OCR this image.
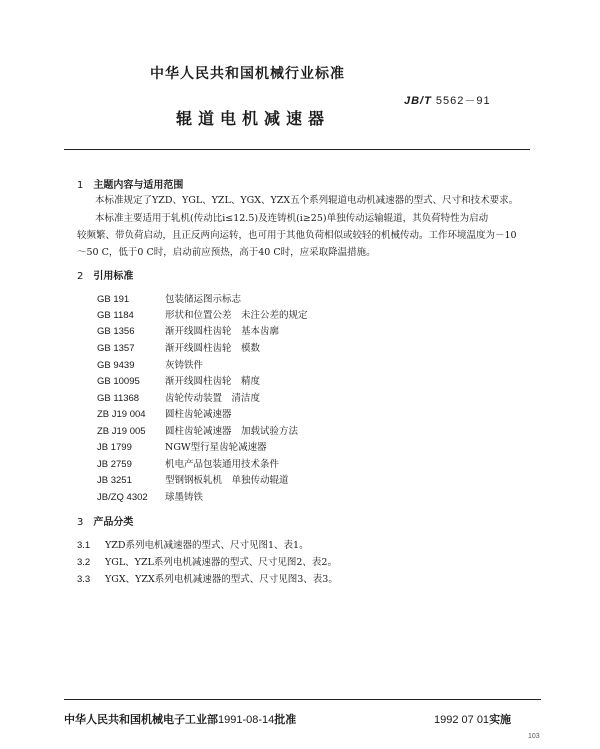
中华人民共和国机械行业标准
JB/T 5562－91
辊道电机减速器
1 主题内容与适用范围
本标准规定了YZD、YGL、YZL、YGX、YZX五个系列辊道电动机减速器的型式、尺寸和技术要求。
本标准主要适用于轧机(传动比i≤12.5)及连铸机(i≥25)单独传动运输辊道，其负荷特性为启动
较频繁、带负荷启动，且正反两向运转，也可用于其他负荷相似或较轻的机械传动。工作环境温度为－10
～50 C，低于0 C时，启动前应预热，高于40 C时，应采取降温措施。
2 引用标准
GB 191	包装储运图示标志
GB 1184	形状和位置公差　未注公差的规定
GB 1356	渐开线圆柱齿轮　基本齿廓
GB 1357	渐开线圆柱齿轮　模数
GB 9439	灰铸铁件
GB 10095	渐开线圆柱齿轮　精度
GB 11368	齿轮传动装置　清洁度
ZB J19 004 圆柱齿轮减速器
ZB J19 005 圆柱齿轮减速器　加载试验方法
JB 1799	NGW型行星齿轮减速器
JB 2759	机电产品包装通用技术条件
JB 3251	型钢钢板轧机　单独传动辊道
JB/ZQ 4302 球墨铸铁
3 产品分类
3.1 YZD系列电机减速器的型式、尺寸见图1、表1。
3.2 YGL、YZL系列电机减速器的型式、尺寸见图2、表2。
3.3 YGX、YZX系列电机减速器的型式、尺寸见图3、表3。
中华人民共和国机械电子工业部1991-08-14批准	1992 07 01实施
103
